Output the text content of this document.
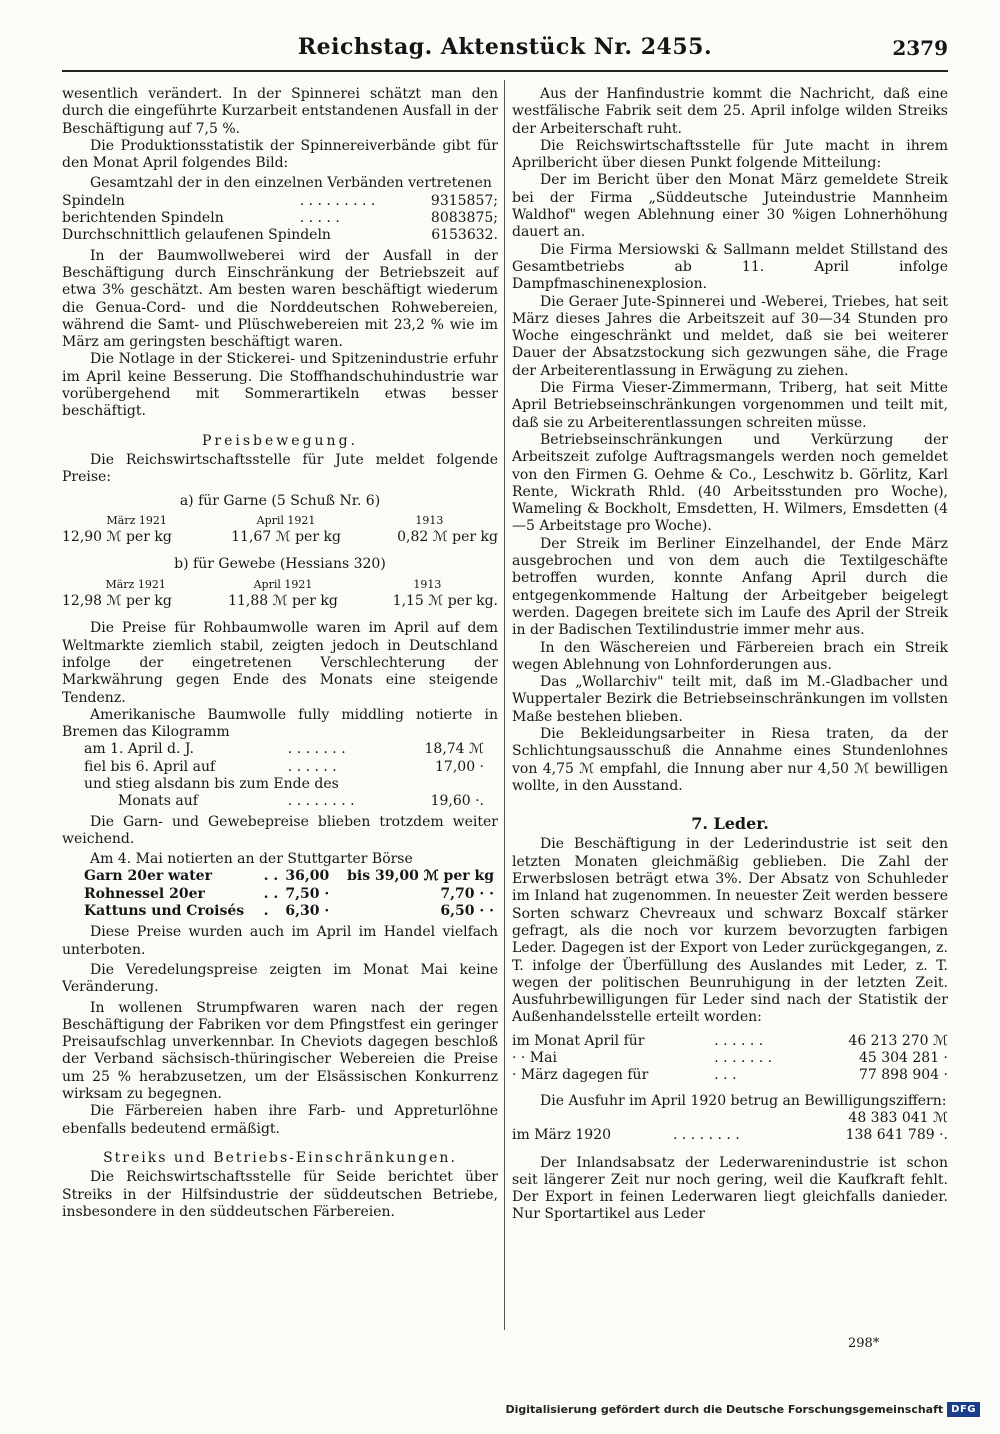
Reichstag. Aktenstück Nr. 2455.	2379

wesentlich verändert. In der Spinnerei schätzt man den durch die eingeführte Kurzarbeit entstandenen Ausfall in der Beschäftigung auf 7,5 %.

Die Produktionsstatistik der Spinnereiverbände gibt für den Monat April folgendes Bild:

Gesamtzahl der in den einzelnen Verbänden vertretenen

Spindeln	. . . . . . . . .	9315857;
berichtenden Spindeln	. . . . .	8083875;
Durchschnittlich gelaufenen Spindeln		6153632.

In der Baumwollweberei wird der Ausfall in der Beschäftigung durch Einschränkung der Betriebszeit auf etwa 3% geschätzt. Am besten waren beschäftigt wiederum die Genua-Cord- und die Norddeutschen Rohwebereien, während die Samt- und Plüschwebereien mit 23,2 % wie im März am geringsten beschäftigt waren.

Die Notlage in der Stickerei- und Spitzenindustrie erfuhr im April keine Besserung. Die Stoffhandschuhindustrie war vorübergehend mit Sommerartikeln etwas besser beschäftigt.

Preisbewegung.

Die Reichswirtschaftsstelle für Jute meldet folgende Preise:

a) für Garne (5 Schuß Nr. 6)

März 1921	April 1921	1913
12,90 ℳ per kg	11,67 ℳ per kg	0,82 ℳ per kg

b) für Gewebe (Hessians 320)

März 1921	April 1921	1913
12,98 ℳ per kg	11,88 ℳ per kg	1,15 ℳ per kg.

Die Preise für Rohbaumwolle waren im April auf dem Weltmarkte ziemlich stabil, zeigten jedoch in Deutschland infolge der eingetretenen Verschlechterung der Markwährung gegen Ende des Monats eine steigende Tendenz.

Amerikanische Baumwolle fully middling notierte in Bremen das Kilogramm

am 1. April d. J.	. . . . . . .	18,74 ℳ
fiel bis 6. April auf	. . . . . .	17,00 ·
und stieg alsdann bis zum Ende des		
Monats auf	. . . . . . . .	19,60 ·.

Die Garn- und Gewebepreise blieben trotzdem weiter weichend.

Am 4. Mai notierten an der Stuttgarter Börse

Garn 20er water	. .	36,00	bis 39,00 ℳ per kg
Rohnessel 20er	. .	7,50 ·	7,70 · ·
Kattuns und Croisés	.	6,30 ·	6,50 · ·

Diese Preise wurden auch im April im Handel vielfach unterboten.

Die Veredelungspreise zeigten im Monat Mai keine Veränderung.

In wollenen Strumpfwaren waren nach der regen Beschäftigung der Fabriken vor dem Pfingstfest ein geringer Preisaufschlag unverkennbar. In Cheviots dagegen beschloß der Verband sächsisch-thüringischer Webereien die Preise um 25 % herabzusetzen, um der Elsässischen Konkurrenz wirksam zu begegnen.

Die Färbereien haben ihre Farb- und Appreturlöhne ebenfalls bedeutend ermäßigt.

Streiks und Betriebs-Einschränkungen.

Die Reichswirtschaftsstelle für Seide berichtet über Streiks in der Hilfsindustrie der süddeutschen Betriebe, insbesondere in den süddeutschen Färbereien.

Aus der Hanfindustrie kommt die Nachricht, daß eine westfälische Fabrik seit dem 25. April infolge wilden Streiks der Arbeiterschaft ruht.

Die Reichswirtschaftsstelle für Jute macht in ihrem Aprilbericht über diesen Punkt folgende Mitteilung:

Der im Bericht über den Monat März gemeldete Streik bei der Firma „Süddeutsche Juteindustrie Mannheim Waldhof" wegen Ablehnung einer 30 %igen Lohnerhöhung dauert an.

Die Firma Mersiowski & Sallmann meldet Stillstand des Gesamtbetriebs ab 11. April infolge Dampfmaschinenexplosion.

Die Geraer Jute-Spinnerei und -Weberei, Triebes, hat seit März dieses Jahres die Arbeitszeit auf 30—34 Stunden pro Woche eingeschränkt und meldet, daß sie bei weiterer Dauer der Absatzstockung sich gezwungen sähe, die Frage der Arbeiterentlassung in Erwägung zu ziehen.

Die Firma Vieser-Zimmermann, Triberg, hat seit Mitte April Betriebseinschränkungen vorgenommen und teilt mit, daß sie zu Arbeiterentlassungen schreiten müsse.

Betriebseinschränkungen und Verkürzung der Arbeitszeit zufolge Auftragsmangels werden noch gemeldet von den Firmen G. Oehme & Co., Leschwitz b. Görlitz, Karl Rente, Wickrath Rhld. (40 Arbeitsstunden pro Woche), Wameling & Bockholt, Emsdetten, H. Wilmers, Emsdetten (4—5 Arbeitstage pro Woche).

Der Streik im Berliner Einzelhandel, der Ende März ausgebrochen und von dem auch die Textilgeschäfte betroffen wurden, konnte Anfang April durch die entgegenkommende Haltung der Arbeitgeber beigelegt werden. Dagegen breitete sich im Laufe des April der Streik in der Badischen Textilindustrie immer mehr aus.

In den Wäschereien und Färbereien brach ein Streik wegen Ablehnung von Lohnforderungen aus.

Das „Wollarchiv" teilt mit, daß im M.-Gladbacher und Wuppertaler Bezirk die Betriebseinschränkungen im vollsten Maße bestehen blieben.

Die Bekleidungsarbeiter in Riesa traten, da der Schlichtungsausschuß die Annahme eines Stundenlohnes von 4,75 ℳ empfahl, die Innung aber nur 4,50 ℳ bewilligen wollte, in den Ausstand.

7. Leder.

Die Beschäftigung in der Lederindustrie ist seit den letzten Monaten gleichmäßig geblieben. Die Zahl der Erwerbslosen beträgt etwa 3%. Der Absatz von Schuhleder im Inland hat zugenommen. In neuester Zeit werden bessere Sorten schwarz Chevreaux und schwarz Boxcalf stärker gefragt, als die noch vor kurzem bevorzugten farbigen Leder. Dagegen ist der Export von Leder zurückgegangen, z. T. infolge der Überfüllung des Auslandes mit Leder, z. T. wegen der politischen Beunruhigung in der letzten Zeit. Ausfuhrbewilligungen für Leder sind nach der Statistik der Außenhandelsstelle erteilt worden:

im Monat April für	. . . . . .	46 213 270 ℳ
· · Mai	. . . . . . .	45 304 281 ·
· März dagegen für	. . .	77 898 904 ·

Die Ausfuhr im April 1920 betrug an Bewilligungsziffern:

		48 383 041 ℳ
im März 1920	. . . . . . . .	138 641 789 ·.

Der Inlandsabsatz der Lederwarenindustrie ist schon seit längerer Zeit nur noch gering, weil die Kaufkraft fehlt. Der Export in feinen Lederwaren liegt gleichfalls danieder. Nur Sportartikel aus Leder

298*
Digitalisierung gefördert durch die Deutsche Forschungsgemeinschaft DFG
